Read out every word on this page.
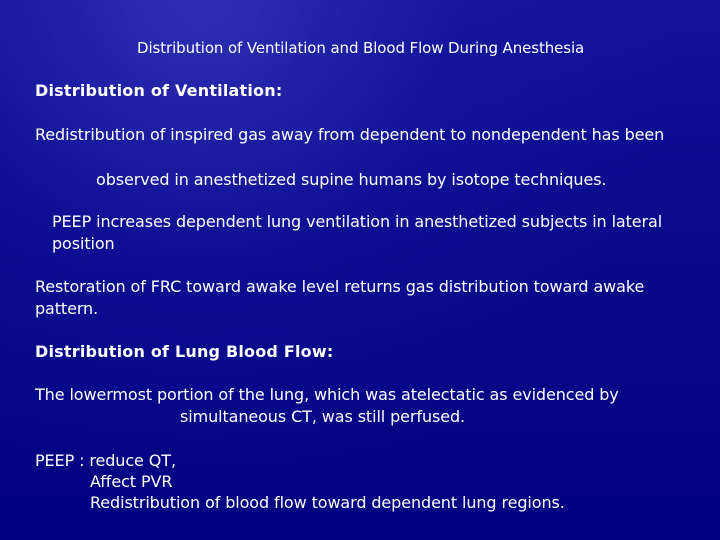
Distribution of Ventilation and Blood Flow During Anesthesia

Distribution of Ventilation:

Redistribution of inspired gas away from dependent to nondependent has been

observed in anesthetized supine humans by isotope techniques.

PEEP increases dependent lung ventilation in anesthetized subjects in lateral

position

Restoration of FRC toward awake level returns gas distribution toward awake

pattern.

Distribution of Lung Blood Flow:

The lowermost portion of the lung, which was atelectatic as evidenced by

simultaneous CT, was still perfused.

PEEP : reduce QT,

Affect PVR

Redistribution of blood flow toward dependent lung regions.
